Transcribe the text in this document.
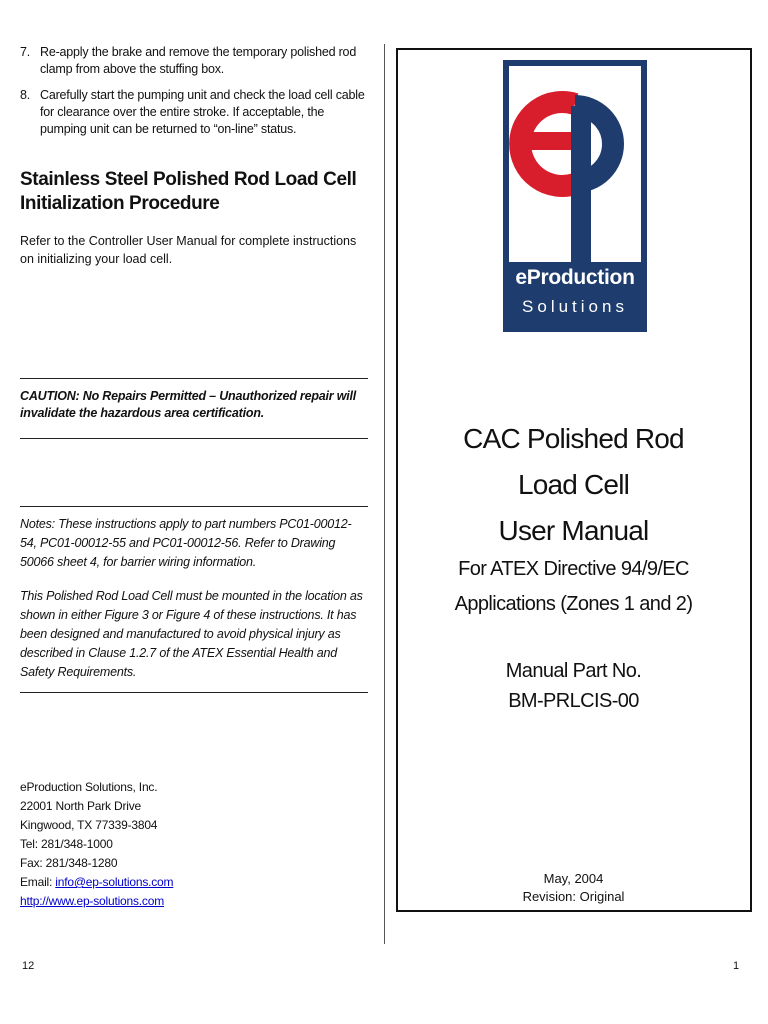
7. Re-apply the brake and remove the temporary polished rod clamp from above the stuffing box.
8. Carefully start the pumping unit and check the load cell cable for clearance over the entire stroke. If acceptable, the pumping unit can be returned to “on-line” status.
Stainless Steel Polished Rod Load Cell
Initialization Procedure
Refer to the Controller User Manual for complete instructions
on initializing your load cell.
CAUTION: No Repairs Permitted – Unauthorized repair will invalidate the hazardous area certification.

Notes: These instructions apply to part numbers PC01-00012-54, PC01-00012-55 and PC01-00012-56. Refer to Drawing 50066 sheet 4, for barrier wiring information.

This Polished Rod Load Cell must be mounted in the location as shown in either Figure 3 or Figure 4 of these instructions. It has been designed and manufactured to avoid physical injury as described in Clause 1.2.7 of the ATEX Essential Health and Safety Requirements.

eProduction Solutions, Inc.
22001 North Park Drive
Kingwood, TX 77339-3804
Tel: 281/348-1000
Fax: 281/348-1280
Email: info@ep-solutions.com
http://www.ep-solutions.com
12
eProduction
Solutions
CAC Polished Rod
Load Cell
User Manual
For ATEX Directive 94/9/EC
Applications (Zones 1 and 2)
Manual Part No.
BM-PRLCIS-00
May, 2004
Revision: Original
1
